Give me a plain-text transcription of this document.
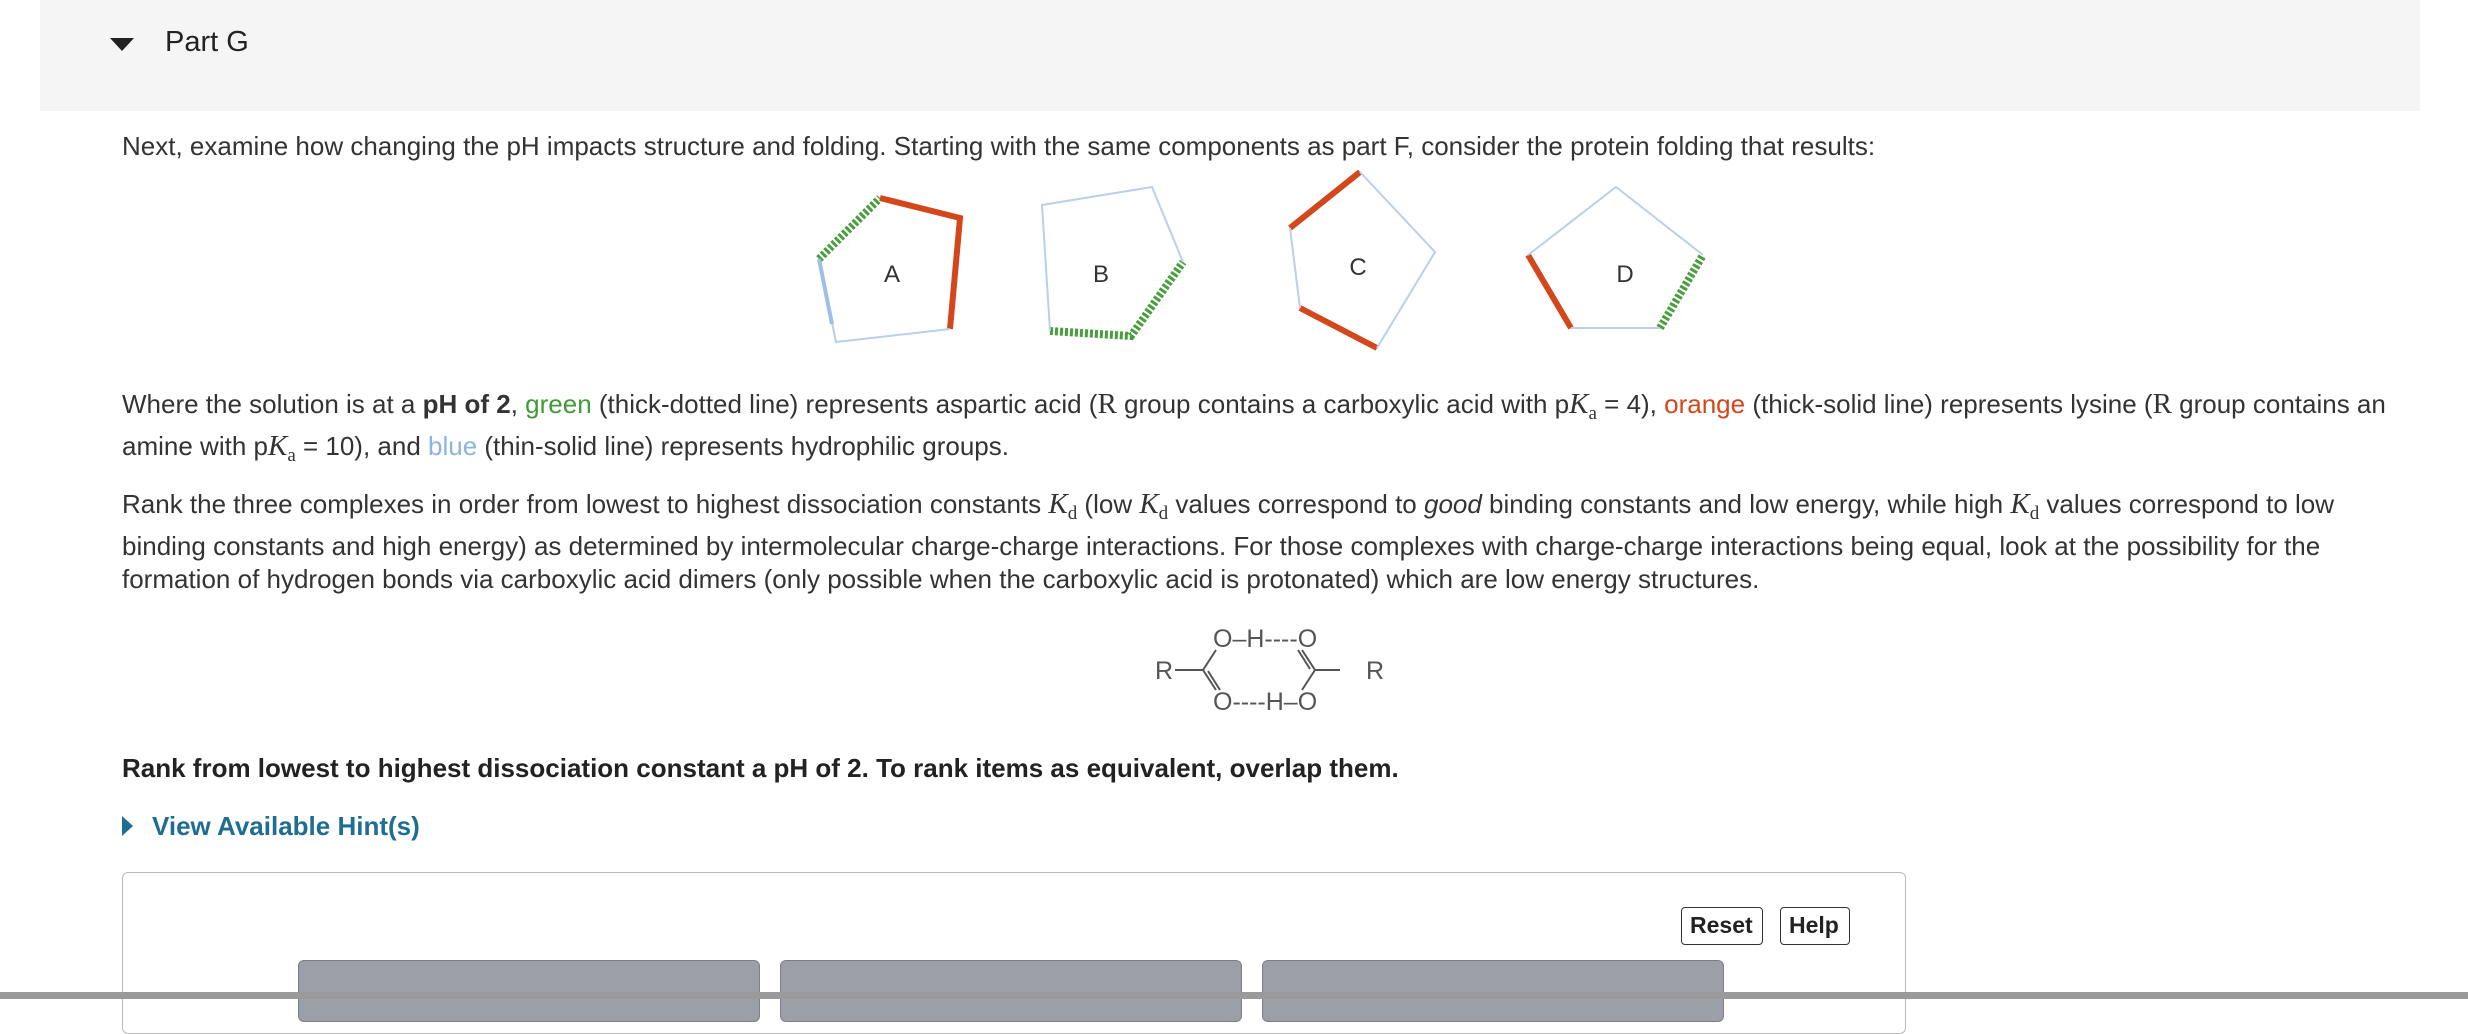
Part G
Next, examine how changing the pH impacts structure and folding. Starting with the same components as part F, consider the protein folding that results:
A	B	C	D
Where the solution is at a pH of 2, green (thick-dotted line) represents aspartic acid (R group contains a carboxylic acid with $pK_a = 4$), orange (thick-solid line) represents lysine (R group contains an amine with $pK_a = 10$), and blue (thin-solid line) represents hydrophilic groups.
Rank the three complexes in order from lowest to highest dissociation constants $K_d$ (low $K_d$ values correspond to good binding constants and low energy, while high $K_d$ values correspond to low binding constants and high energy) as determined by intermolecular charge-charge interactions. For those complexes with charge-charge interactions being equal, look at the possibility for the formation of hydrogen bonds via carboxylic acid dimers (only possible when the carboxylic acid is protonated) which are low energy structures.
O–H----O
O----H–O
R	R
Rank from lowest to highest dissociation constant a pH of 2. To rank items as equivalent, overlap them.
View Available Hint(s)
Reset	Help
